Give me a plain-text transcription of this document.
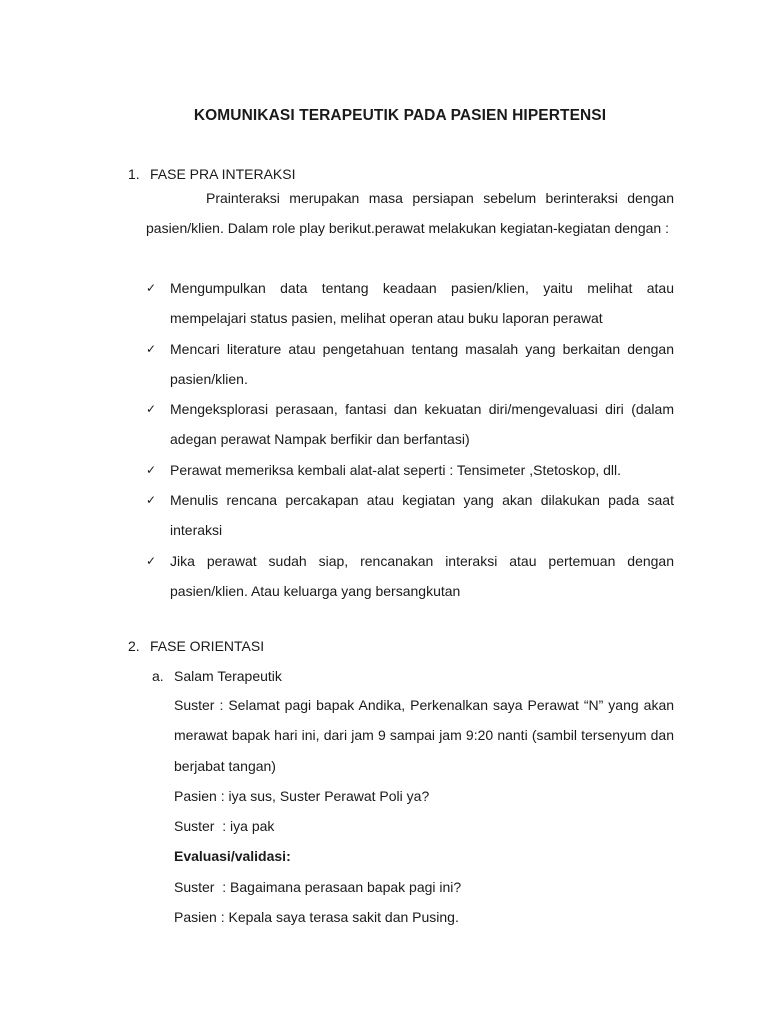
KOMUNIKASI TERAPEUTIK PADA PASIEN HIPERTENSI
1. FASE PRA INTERAKSI
Prainteraksi merupakan masa persiapan sebelum berinteraksi dengan pasien/klien. Dalam role play berikut.perawat melakukan kegiatan-kegiatan dengan :
✓ Mengumpulkan data tentang keadaan pasien/klien, yaitu melihat atau mempelajari status pasien, melihat operan atau buku laporan perawat
✓ Mencari literature atau pengetahuan tentang masalah yang berkaitan dengan pasien/klien.
✓ Mengeksplorasi perasaan, fantasi dan kekuatan diri/mengevaluasi diri (dalam adegan perawat Nampak berfikir dan berfantasi)
✓ Perawat memeriksa kembali alat-alat seperti : Tensimeter ,Stetoskop, dll.
✓ Menulis rencana percakapan atau kegiatan yang akan dilakukan pada saat interaksi
✓ Jika perawat sudah siap, rencanakan interaksi atau pertemuan dengan pasien/klien. Atau keluarga yang bersangkutan
2. FASE ORIENTASI
a. Salam Terapeutik
Suster : Selamat pagi bapak Andika, Perkenalkan saya Perawat “N” yang akan merawat bapak hari ini, dari jam 9 sampai jam 9:20 nanti (sambil tersenyum dan berjabat tangan)
Pasien : iya sus, Suster Perawat Poli ya?
Suster  : iya pak
Evaluasi/validasi:
Suster  : Bagaimana perasaan bapak pagi ini?
Pasien : Kepala saya terasa sakit dan Pusing.
